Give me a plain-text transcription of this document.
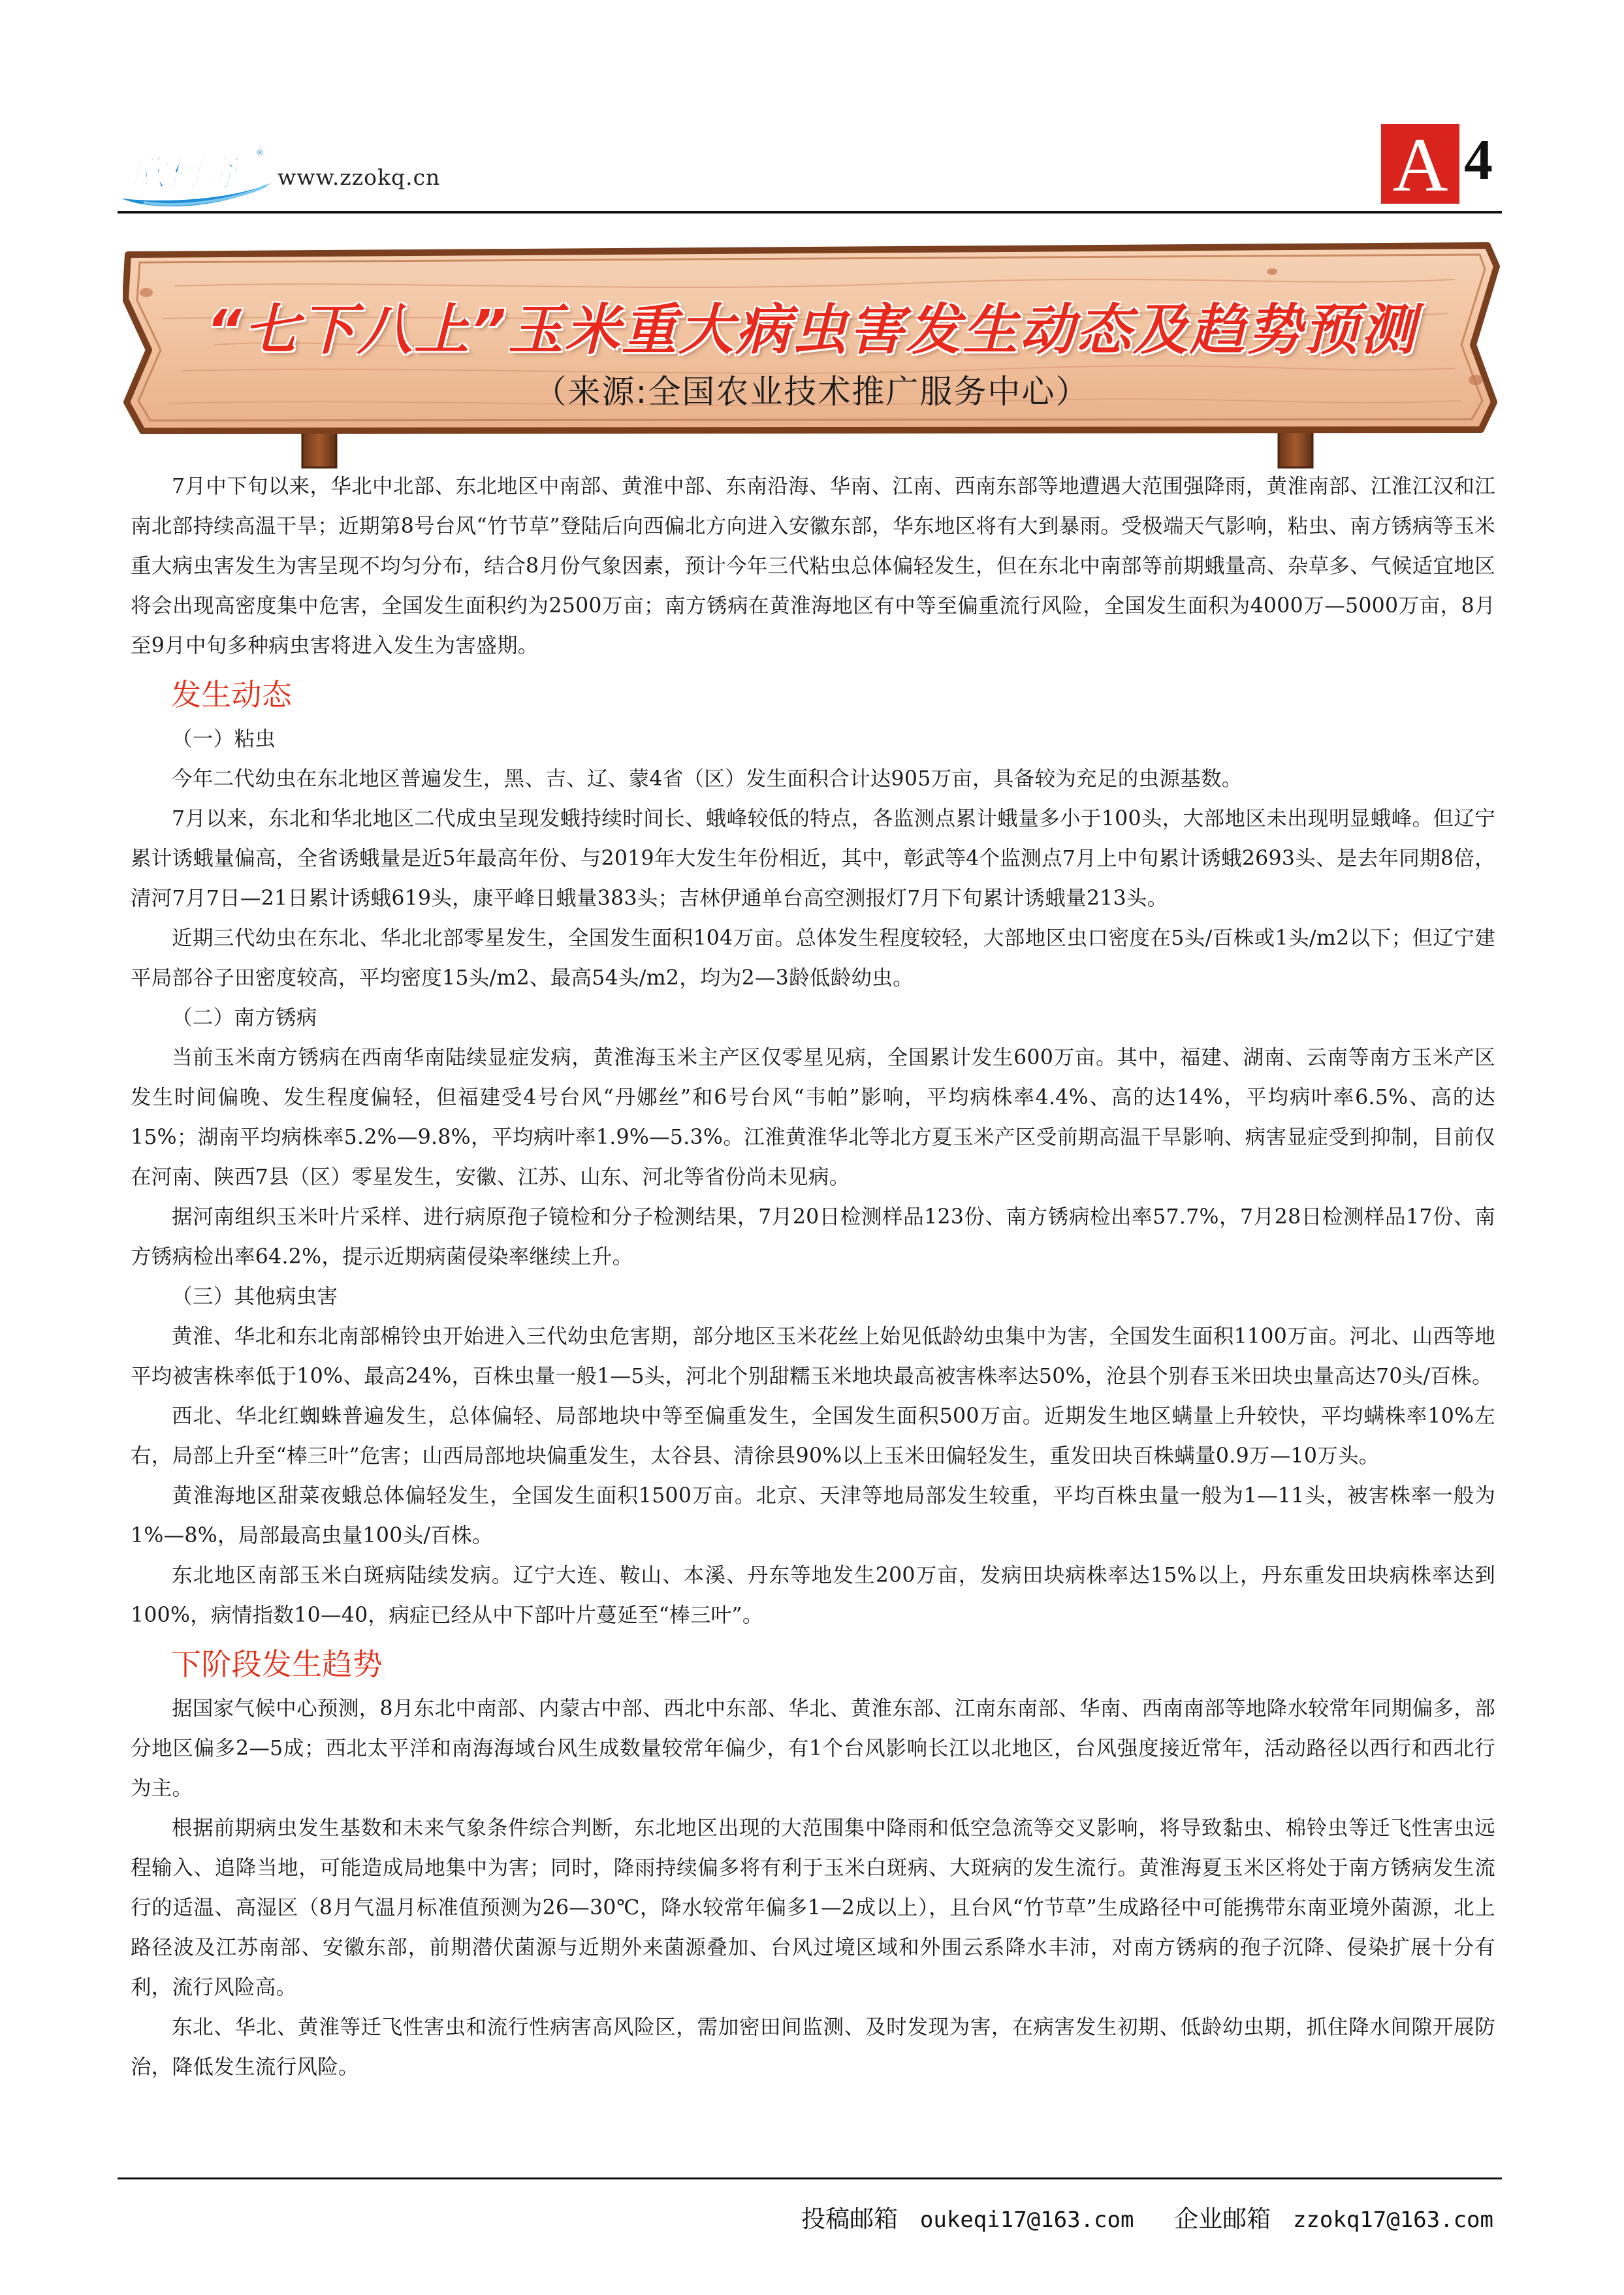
欧柯奇	®
www.zzokq.cn	A 4
“七下八上”玉米重大病虫害发生动态及趋势预测
（来源:全国农业技术推广服务中心）

7月中下旬以来，华北中北部、东北地区中南部、黄淮中部、东南沿海、华南、江南、西南东部等地遭遇大范围强降雨，黄淮南部、江淮江汉和江南北部持续高温干旱；近期第8号台风“竹节草”登陆后向西偏北方向进入安徽东部，华东地区将有大到暴雨。受极端天气影响，粘虫、南方锈病等玉米重大病虫害发生为害呈现不均匀分布，结合8月份气象因素，预计今年三代粘虫总体偏轻发生，但在东北中南部等前期蛾量高、杂草多、气候适宜地区将会出现高密度集中危害，全国发生面积约为2500万亩；南方锈病在黄淮海地区有中等至偏重流行风险，全国发生面积为4000万—5000万亩，8月至9月中旬多种病虫害将进入发生为害盛期。

发生动态

（一）粘虫

今年二代幼虫在东北地区普遍发生，黑、吉、辽、蒙4省（区）发生面积合计达905万亩，具备较为充足的虫源基数。

7月以来，东北和华北地区二代成虫呈现发蛾持续时间长、蛾峰较低的特点，各监测点累计蛾量多小于100头，大部地区未出现明显蛾峰。但辽宁累计诱蛾量偏高，全省诱蛾量是近5年最高年份、与2019年大发生年份相近，其中，彰武等4个监测点7月上中旬累计诱蛾2693头、是去年同期8倍，清河7月7日—21日累计诱蛾619头，康平峰日蛾量383头；吉林伊通单台高空测报灯7月下旬累计诱蛾量213头。

近期三代幼虫在东北、华北北部零星发生，全国发生面积104万亩。总体发生程度较轻，大部地区虫口密度在5头/百株或1头/m2以下；但辽宁建平局部谷子田密度较高，平均密度15头/m2、最高54头/m2，均为2—3龄低龄幼虫。

（二）南方锈病

当前玉米南方锈病在西南华南陆续显症发病，黄淮海玉米主产区仅零星见病，全国累计发生600万亩。其中，福建、湖南、云南等南方玉米产区发生时间偏晚、发生程度偏轻，但福建受4号台风“丹娜丝”和6号台风“韦帕”影响，平均病株率4.4%、高的达14%，平均病叶率6.5%、高的达15%；湖南平均病株率5.2%—9.8%，平均病叶率1.9%—5.3%。江淮黄淮华北等北方夏玉米产区受前期高温干旱影响、病害显症受到抑制，目前仅在河南、陕西7县（区）零星发生，安徽、江苏、山东、河北等省份尚未见病。

据河南组织玉米叶片采样、进行病原孢子镜检和分子检测结果，7月20日检测样品123份、南方锈病检出率57.7%，7月28日检测样品17份、南方锈病检出率64.2%，提示近期病菌侵染率继续上升。

（三）其他病虫害

黄淮、华北和东北南部棉铃虫开始进入三代幼虫危害期，部分地区玉米花丝上始见低龄幼虫集中为害，全国发生面积1100万亩。河北、山西等地平均被害株率低于10%、最高24%，百株虫量一般1—5头，河北个别甜糯玉米地块最高被害株率达50%，沧县个别春玉米田块虫量高达70头/百株。

西北、华北红蜘蛛普遍发生，总体偏轻、局部地块中等至偏重发生，全国发生面积500万亩。近期发生地区螨量上升较快，平均螨株率10%左右，局部上升至“棒三叶”危害；山西局部地块偏重发生，太谷县、清徐县90%以上玉米田偏轻发生，重发田块百株螨量0.9万—10万头。

黄淮海地区甜菜夜蛾总体偏轻发生，全国发生面积1500万亩。北京、天津等地局部发生较重，平均百株虫量一般为1—11头，被害株率一般为1%—8%，局部最高虫量100头/百株。

东北地区南部玉米白斑病陆续发病。辽宁大连、鞍山、本溪、丹东等地发生200万亩，发病田块病株率达15%以上，丹东重发田块病株率达到100%，病情指数10—40，病症已经从中下部叶片蔓延至“棒三叶”。

下阶段发生趋势

据国家气候中心预测，8月东北中南部、内蒙古中部、西北中东部、华北、黄淮东部、江南东南部、华南、西南南部等地降水较常年同期偏多，部分地区偏多2—5成；西北太平洋和南海海域台风生成数量较常年偏少，有1个台风影响长江以北地区，台风强度接近常年，活动路径以西行和西北行为主。

根据前期病虫发生基数和未来气象条件综合判断，东北地区出现的大范围集中降雨和低空急流等交叉影响，将导致黏虫、棉铃虫等迁飞性害虫远程输入、追降当地，可能造成局地集中为害；同时，降雨持续偏多将有利于玉米白斑病、大斑病的发生流行。黄淮海夏玉米区将处于南方锈病发生流行的适温、高湿区（8月气温月标准值预测为26—30℃，降水较常年偏多1—2成以上），且台风“竹节草”生成路径中可能携带东南亚境外菌源，北上路径波及江苏南部、安徽东部，前期潜伏菌源与近期外来菌源叠加、台风过境区域和外围云系降水丰沛，对南方锈病的孢子沉降、侵染扩展十分有利，流行风险高。

东北、华北、黄淮等迁飞性害虫和流行性病害高风险区，需加密田间监测、及时发现为害，在病害发生初期、低龄幼虫期，抓住降水间隙开展防治，降低发生流行风险。

投稿邮箱 oukeqi17@163.com 企业邮箱 zzokq17@163.com
